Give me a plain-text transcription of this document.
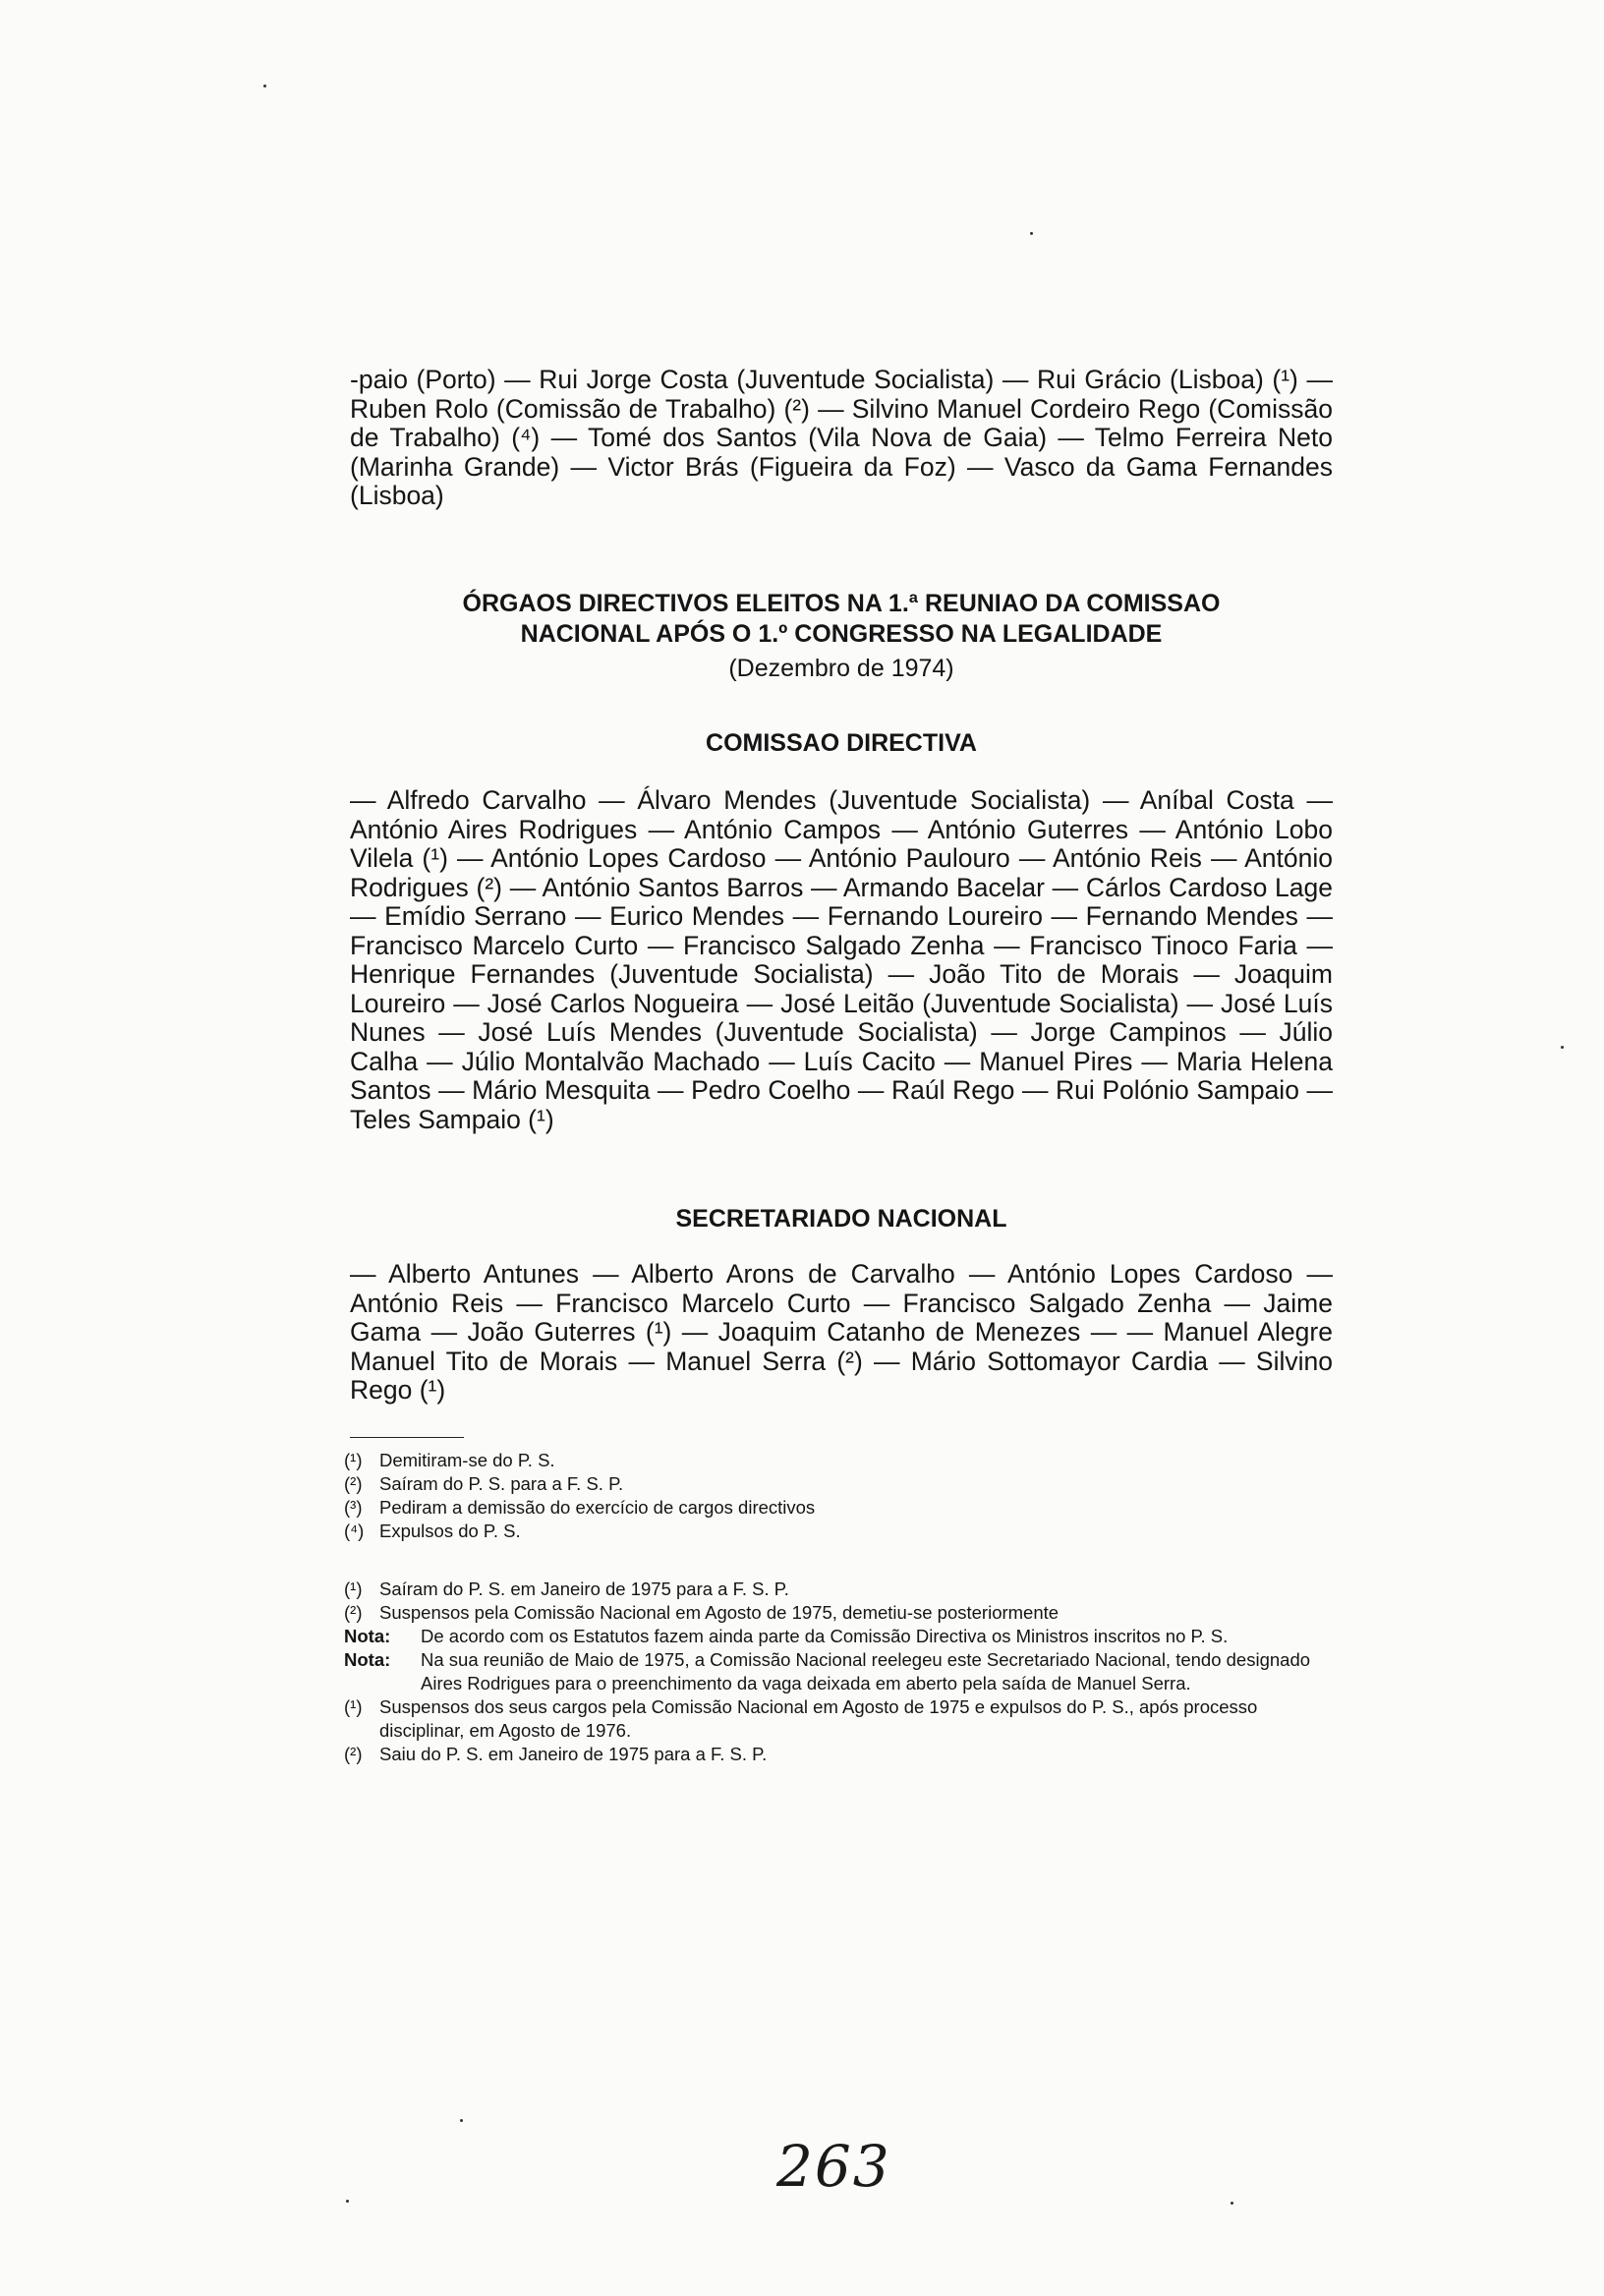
-paio (Porto) — Rui Jorge Costa (Juventude Socialista) — Rui Grácio (Lisboa) (¹) — Ruben Rolo (Comissão de Trabalho) (²) — Silvino Manuel Cordeiro Rego (Comissão de Trabalho) (⁴) — Tomé dos Santos (Vila Nova de Gaia) — Telmo Ferreira Neto (Marinha Grande) — Victor Brás (Figueira da Foz) — Vasco da Gama Fernandes (Lisboa)

ÓRGAOS DIRECTIVOS ELEITOS NA 1.ª REUNIAO DA COMISSAO
NACIONAL APÓS O 1.º CONGRESSO NA LEGALIDADE

(Dezembro de 1974)

COMISSAO DIRECTIVA

— Alfredo Carvalho — Álvaro Mendes (Juventude Socialista) — Aníbal Costa — António Aires Rodrigues — António Campos — António Guterres — António Lobo Vilela (¹) — António Lopes Cardoso — António Paulouro — António Reis — António Rodrigues (²) — António Santos Barros — Armando Bacelar — Cárlos Cardoso Lage — Emídio Serrano — Eurico Mendes — Fernando Loureiro — Fernando Mendes — Francisco Marcelo Curto — Francisco Salgado Zenha — Francisco Tinoco Faria — Henrique Fernandes (Juventude Socialista) — João Tito de Morais — Joaquim Loureiro — José Carlos Nogueira — José Leitão (Juventude Socialista) — José Luís Nunes — José Luís Mendes (Juventude Socialista) — Jorge Campinos — Júlio Calha — Júlio Montalvão Machado — Luís Cacito — Manuel Pires — Maria Helena Santos — Mário Mesquita — Pedro Coelho — Raúl Rego — Rui Polónio Sampaio — Teles Sampaio (¹)

SECRETARIADO NACIONAL

— Alberto Antunes — Alberto Arons de Carvalho — António Lopes Cardoso — António Reis — Francisco Marcelo Curto — Francisco Salgado Zenha — Jaime Gama — João Guterres (¹) — Joaquim Catanho de Menezes — — Manuel Alegre Manuel Tito de Morais — Manuel Serra (²) — Mário Sottomayor Cardia — Silvino Rego (¹)

(¹) Demitiram-se do P. S.

(²) Saíram do P. S. para a F. S. P.

(³) Pediram a demissão do exercício de cargos directivos

(⁴) Expulsos do P. S.

(¹) Saíram do P. S. em Janeiro de 1975 para a F. S. P.

(²) Suspensos pela Comissão Nacional em Agosto de 1975, demetiu-se posteriormente

Nota:	De acordo com os Estatutos fazem ainda parte da Comissão Directiva os Ministros inscritos no P. S.

Nota:	Na sua reunião de Maio de 1975, a Comissão Nacional reelegeu este Secretariado Nacional, tendo designado Aires Rodrigues para o preenchimento da vaga deixada em aberto pela saída de Manuel Serra.

(¹) Suspensos dos seus cargos pela Comissão Nacional em Agosto de 1975 e expulsos do P. S., após processo disciplinar, em Agosto de 1976.

(²) Saiu do P. S. em Janeiro de 1975 para a F. S. P.

263
